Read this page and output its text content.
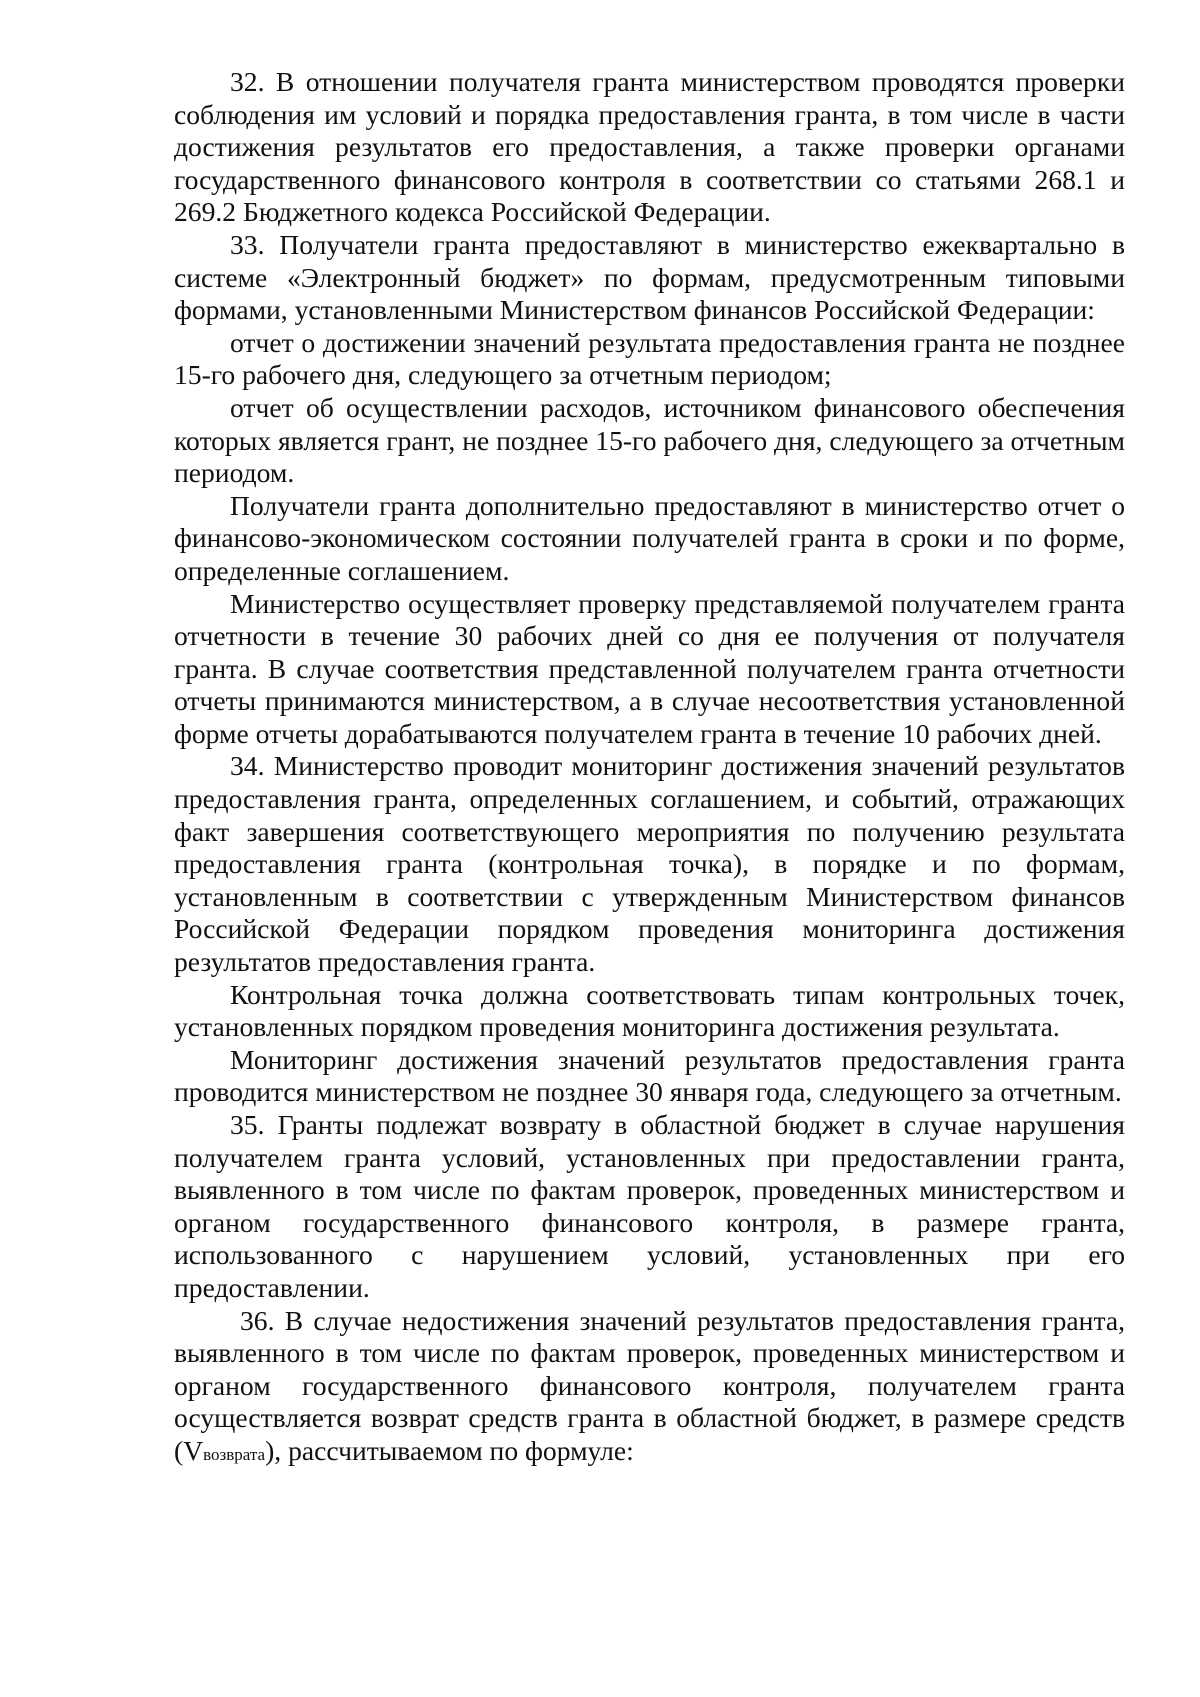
32. В отношении получателя гранта министерством проводятся проверки соблюдения им условий и порядка предоставления гранта, в том числе в части достижения результатов его предоставления, а также проверки органами государственного финансового контроля в соответствии со статьями 268.1 и 269.2 Бюджетного кодекса Российской Федерации.

33. Получатели гранта предоставляют в министерство ежеквартально в системе «Электронный бюджет» по формам, предусмотренным типовыми формами, установленными Министерством финансов Российской Федерации:

отчет о достижении значений результата предоставления гранта не позднее 15-го рабочего дня, следующего за отчетным периодом;

отчет об осуществлении расходов, источником финансового обеспечения которых является грант, не позднее 15-го рабочего дня, следующего за отчетным периодом.

Получатели гранта дополнительно предоставляют в министерство отчет о финансово-экономическом состоянии получателей гранта в сроки и по форме, определенные соглашением.

Министерство осуществляет проверку представляемой получателем гранта отчетности в течение 30 рабочих дней со дня ее получения от получателя гранта. В случае соответствия представленной получателем гранта отчетности отчеты принимаются министерством, а в случае несоответствия установленной форме отчеты дорабатываются получателем гранта в течение 10 рабочих дней.

34. Министерство проводит мониторинг достижения значений результатов предоставления гранта, определенных соглашением, и событий, отражающих факт завершения соответствующего мероприятия по получению результата предоставления гранта (контрольная точка), в порядке и по формам, установленным в соответствии с утвержденным Министерством финансов Российской Федерации порядком проведения мониторинга достижения результатов предоставления гранта.

Контрольная точка должна соответствовать типам контрольных точек, установленных порядком проведения мониторинга достижения результата.

Мониторинг достижения значений результатов предоставления гранта проводится министерством не позднее 30 января года, следующего за отчетным.

35. Гранты подлежат возврату в областной бюджет в случае нарушения получателем гранта условий, установленных при предоставлении гранта, выявленного в том числе по фактам проверок, проведенных министерством и органом государственного финансового контроля, в размере гранта, использованного с нарушением условий, установленных при его предоставлении.

36. В случае недостижения значений результатов предоставления гранта, выявленного в том числе по фактам проверок, проведенных министерством и органом государственного финансового контроля, получателем гранта осуществляется возврат средств гранта в областной бюджет, в размере средств (Vвозврата), рассчитываемом по формуле:
